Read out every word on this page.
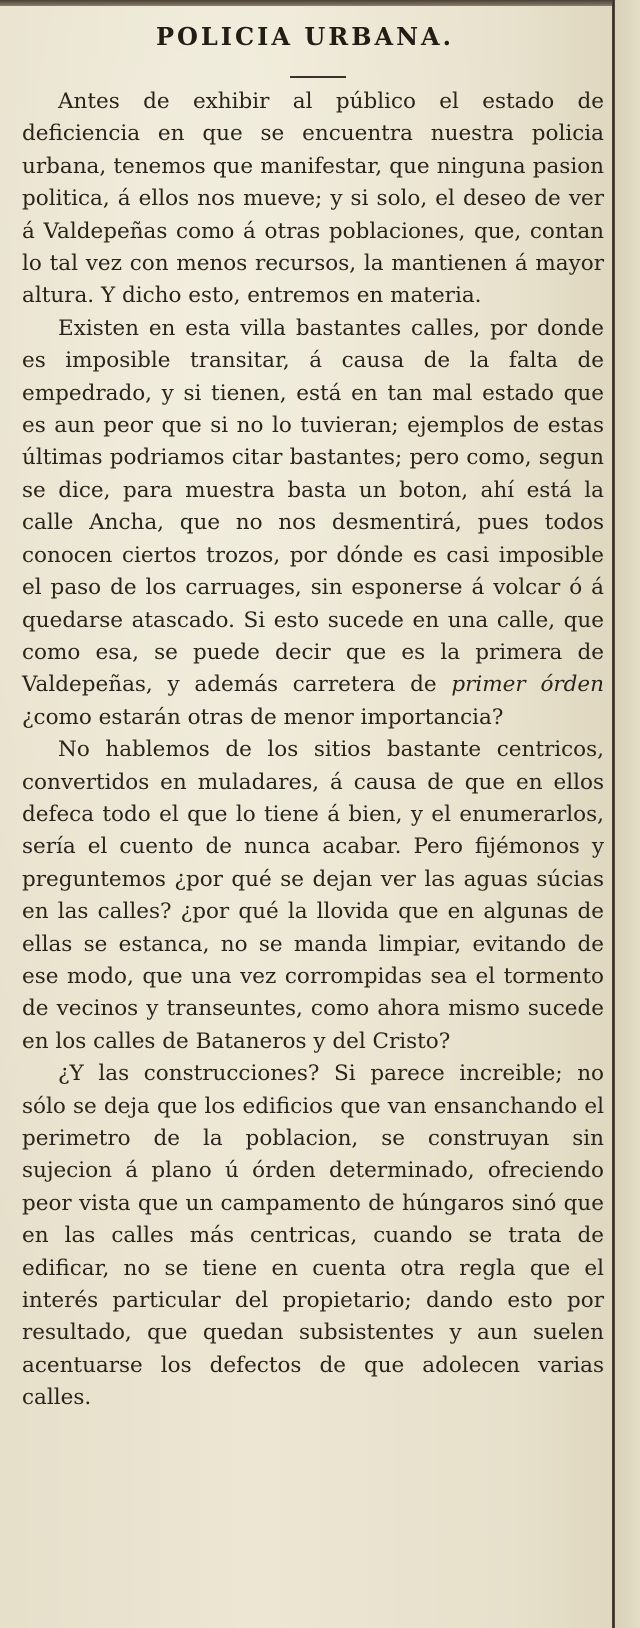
POLICIA URBANA.

Antes de exhibir al público el estado de deficiencia en que se encuentra nuestra policia urbana, tenemos que manifestar, que ninguna pasion politica, á ellos nos mueve; y si solo, el deseo de ver á Valdepeñas como á otras poblaciones, que, contan lo tal vez con menos recursos, la mantienen á mayor altura. Y dicho esto, entremos en materia.

Existen en esta villa bastantes calles, por donde es imposible transitar, á causa de la falta de empedrado, y si tienen, está en tan mal estado que es aun peor que si no lo tuvieran; ejemplos de estas últimas podriamos citar bastantes; pero como, segun se dice, para muestra basta un boton, ahí está la calle Ancha, que no nos desmentirá, pues todos conocen ciertos trozos, por dónde es casi imposible el paso de los carruages, sin esponerse á volcar ó á quedarse atascado. Si esto sucede en una calle, que como esa, se puede decir que es la primera de Valdepeñas, y además carretera de primer órden ¿como estarán otras de menor importancia?

No hablemos de los sitios bastante centricos, convertidos en muladares, á causa de que en ellos defeca todo el que lo tiene á bien, y el enumerarlos, sería el cuento de nunca acabar. Pero fijémonos y preguntemos ¿por qué se dejan ver las aguas súcias en las calles? ¿por qué la llovida que en algunas de ellas se estanca, no se manda limpiar, evitando de ese modo, que una vez corrompidas sea el tormento de vecinos y transeuntes, como ahora mismo sucede en los calles de Bataneros y del Cristo?

¿Y las construcciones? Si parece increible; no sólo se deja que los edificios que van ensanchando el perimetro de la poblacion, se construyan sin sujecion á plano ú órden determinado, ofreciendo peor vista que un campamento de húngaros sinó que en las calles más centricas, cuando se trata de edificar, no se tiene en cuenta otra regla que el interés particular del propietario; dando esto por resultado, que quedan subsistentes y aun suelen acentuarse los defectos de que adolecen varias calles.
